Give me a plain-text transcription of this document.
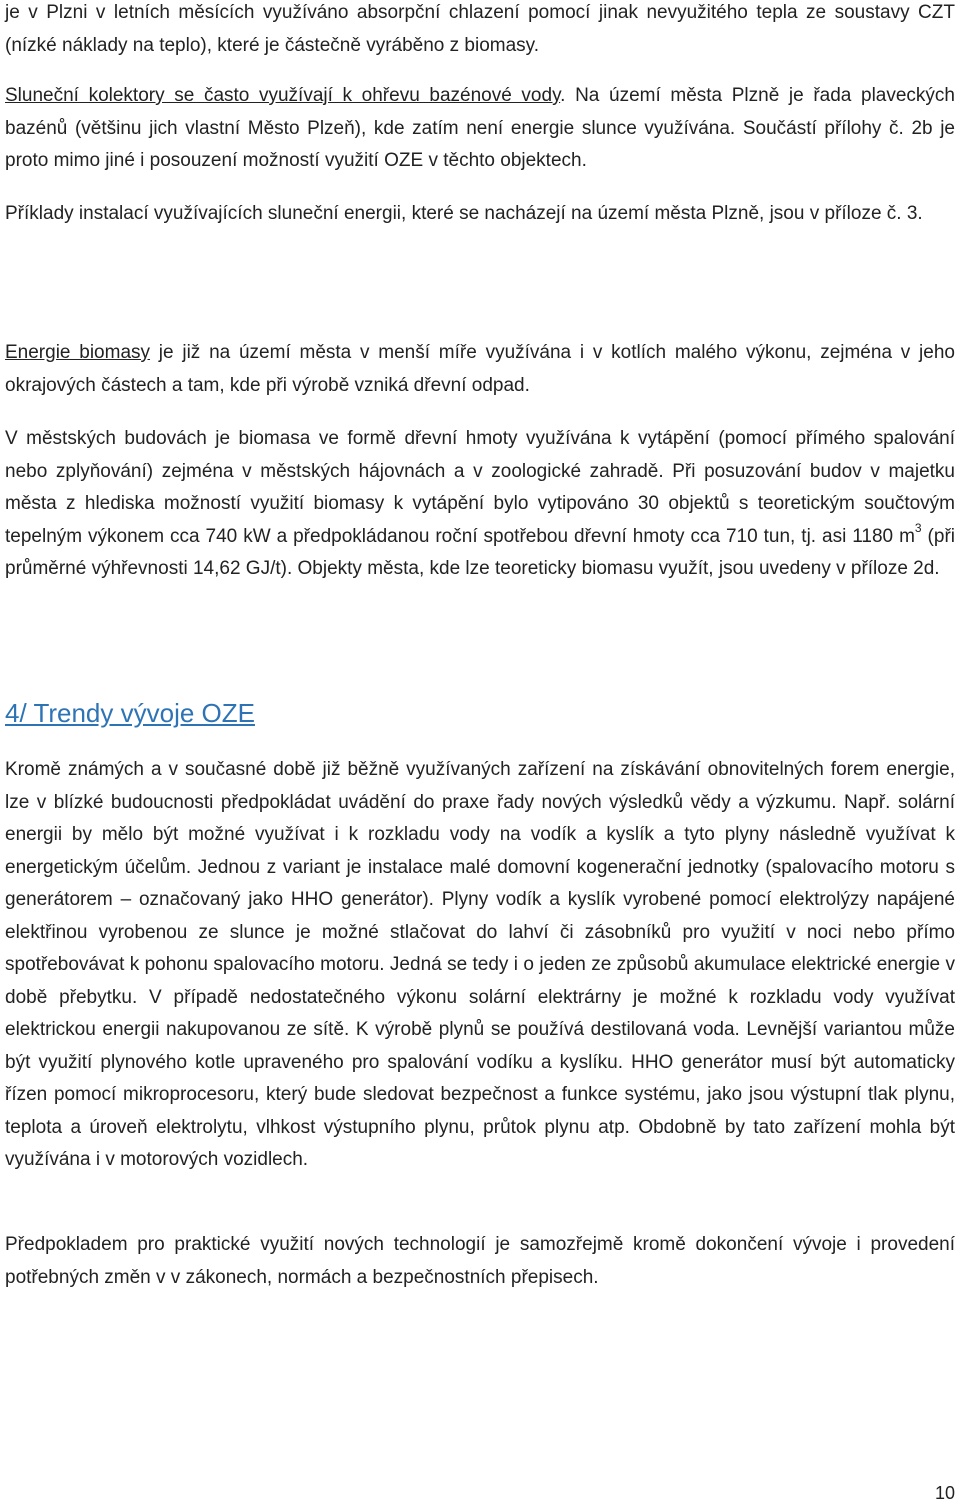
je v Plzni v letních měsících využíváno absorpční chlazení pomocí jinak nevyužitého tepla ze soustavy CZT (nízké náklady na teplo), které je částečně vyráběno z biomasy.

Sluneční kolektory se často využívají k ohřevu bazénové vody. Na území města Plzně je řada plaveckých bazénů (většinu jich vlastní Město Plzeň), kde zatím není energie slunce využívána. Součástí přílohy č. 2b je proto mimo jiné i posouzení možností využití OZE v těchto objektech.

Příklady instalací využívajících sluneční energii, které se nacházejí na území města Plzně, jsou v příloze č. 3.

Energie biomasy je již na území města v menší míře využívána i v kotlích malého výkonu, zejména v jeho okrajových částech a tam, kde při výrobě vzniká dřevní odpad.

V městských budovách je biomasa ve formě dřevní hmoty využívána k vytápění (pomocí přímého spalování nebo zplyňování) zejména v městských hájovnách a v zoologické zahradě. Při posuzování budov v majetku města z hlediska možností využití biomasy k vytápění bylo vytipováno 30 objektů s teoretickým součtovým tepelným výkonem cca 740 kW a předpokládanou roční spotřebou dřevní hmoty cca 710 tun, tj. asi 1180 $m^3$ (při průměrné výhřevnosti 14,62 GJ/t). Objekty města, kde lze teoreticky biomasu využít, jsou uvedeny v příloze 2d.

4/ Trendy vývoje OZE

Kromě známých a v současné době již běžně využívaných zařízení na získávání obnovitelných forem energie, lze v blízké budoucnosti předpokládat uvádění do praxe řady nových výsledků vědy a výzkumu. Např. solární energii by mělo být možné využívat i k rozkladu vody na vodík a kyslík a tyto plyny následně využívat k energetickým účelům. Jednou z variant je instalace malé domovní kogenerační jednotky (spalovacího motoru s generátorem – označovaný jako HHO generátor). Plyny vodík a kyslík vyrobené pomocí elektrolýzy napájené elektřinou vyrobenou ze slunce je možné stlačovat do lahví či zásobníků pro využití v noci nebo přímo spotřebovávat k pohonu spalovacího motoru. Jedná se tedy i o jeden ze způsobů akumulace elektrické energie v době přebytku. V případě nedostatečného výkonu solární elektrárny je možné k rozkladu vody využívat elektrickou energii nakupovanou ze sítě. K výrobě plynů se používá destilovaná voda. Levnější variantou může být využití plynového kotle upraveného pro spalování vodíku a kyslíku. HHO generátor musí být automaticky řízen pomocí mikroprocesoru, který bude sledovat bezpečnost a funkce systému, jako jsou výstupní tlak plynu, teplota a úroveň elektrolytu, vlhkost výstupního plynu, průtok plynu atp. Obdobně by tato zařízení mohla být využívána i v motorových vozidlech.

Předpokladem pro praktické využití nových technologií je samozřejmě kromě dokončení vývoje i provedení potřebných změn v v zákonech, normách a bezpečnostních přepisech.

10
